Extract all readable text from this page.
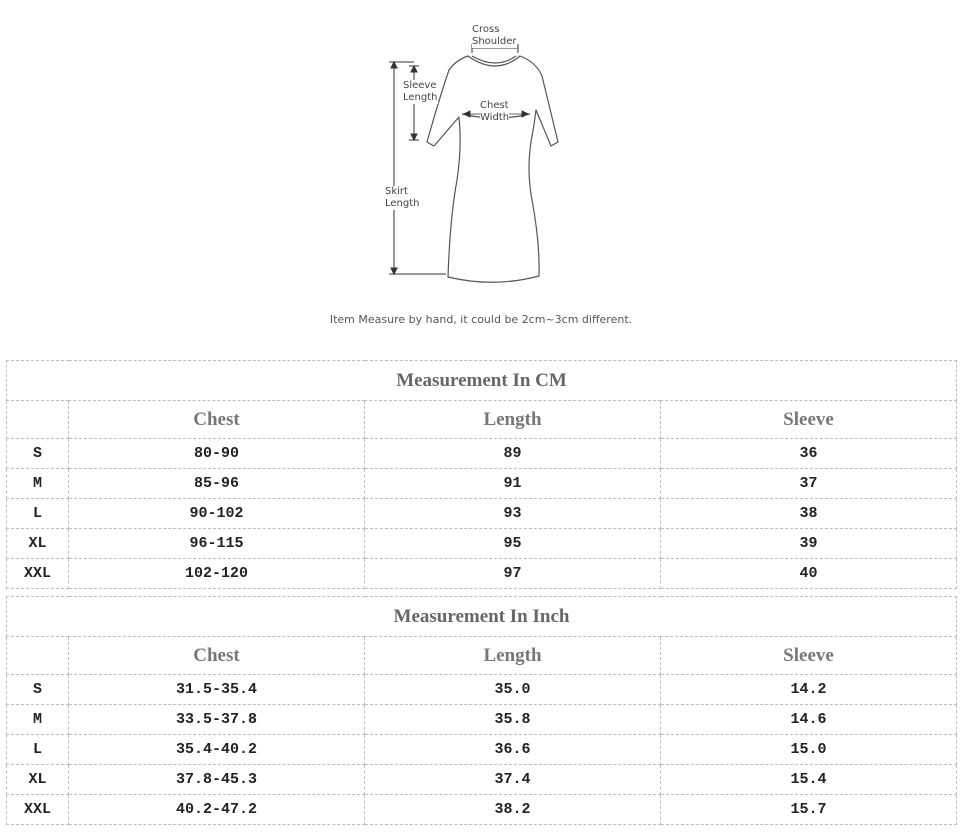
Cross
Shoulder
Sleeve
Length
Chest
Width
Skirt
Length
Item Measure by hand, it could be 2cm~3cm different.
Measurement In CM			
	Chest	Length	Sleeve
S	80-90	89	36
M	85-96	91	37
L	90-102	93	38
XL	96-115	95	39
XXL	102-120	97	40
Measurement In Inch			
	Chest	Length	Sleeve
S	31.5-35.4	35.0	14.2
M	33.5-37.8	35.8	14.6
L	35.4-40.2	36.6	15.0
XL	37.8-45.3	37.4	15.4
XXL	40.2-47.2	38.2	15.7
